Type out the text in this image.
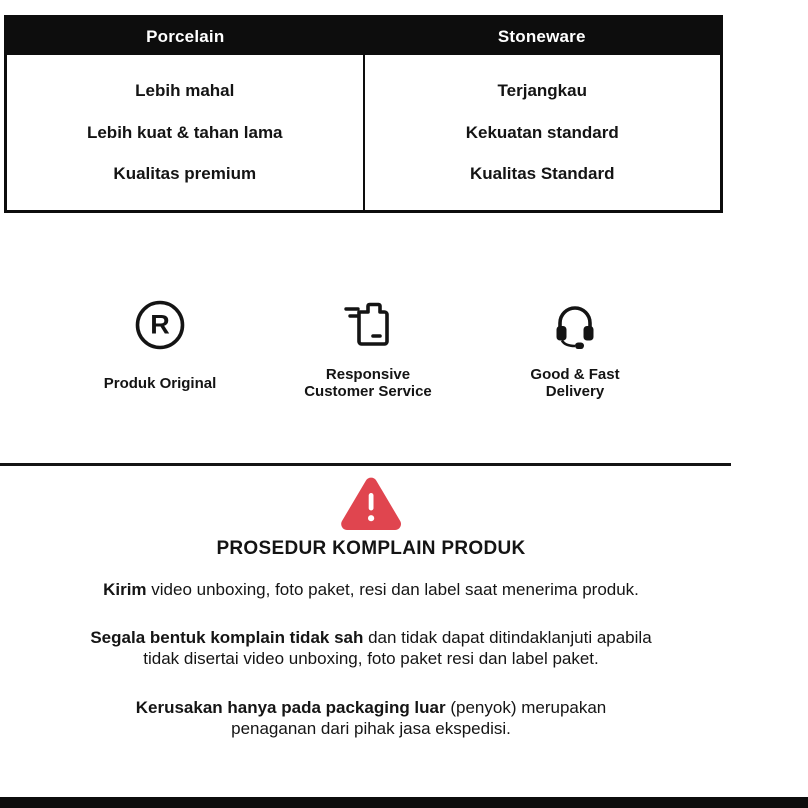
Porcelain	Stoneware
Lebih mahal
Lebih kuat & tahan lama
Kualitas premium
Terjangkau
Kekuatan standard
Kualitas Standard
R
Produk Original	Responsive
Customer Service
Good & Fast
Delivery
PROSEDUR KOMPLAIN PRODUK
Kirim video unboxing, foto paket, resi dan label saat menerima produk.
Segala bentuk komplain tidak sah dan tidak dapat ditindaklanjuti apabila
tidak disertai video unboxing, foto paket resi dan label paket.
Kerusakan hanya pada packaging luar (penyok) merupakan
penaganan dari pihak jasa ekspedisi.
